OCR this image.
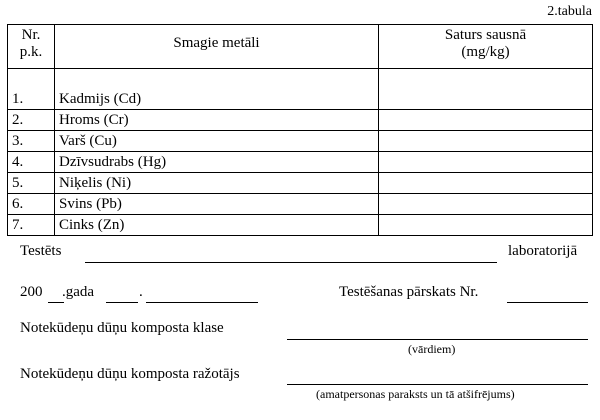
2.tabula
Nr.
p.k.	Smagie metāli	Saturs sausnā
(mg/kg)
1.	Kadmijs (Cd)	
2.	Hroms (Cr)	
3.	Varš (Cu)	
4.	Dzīvsudrabs (Hg)	
5.	Niķelis (Ni)	
6.	Svins (Pb)	
7.	Cinks (Zn)	
Testēts	laboratorijā
200 .gada	.	Testēšanas pārskats Nr.
Notekūdeņu dūņu komposta klase
(vārdiem)
Notekūdeņu dūņu komposta ražotājs
(amatpersonas paraksts un tā atšifrējums)
